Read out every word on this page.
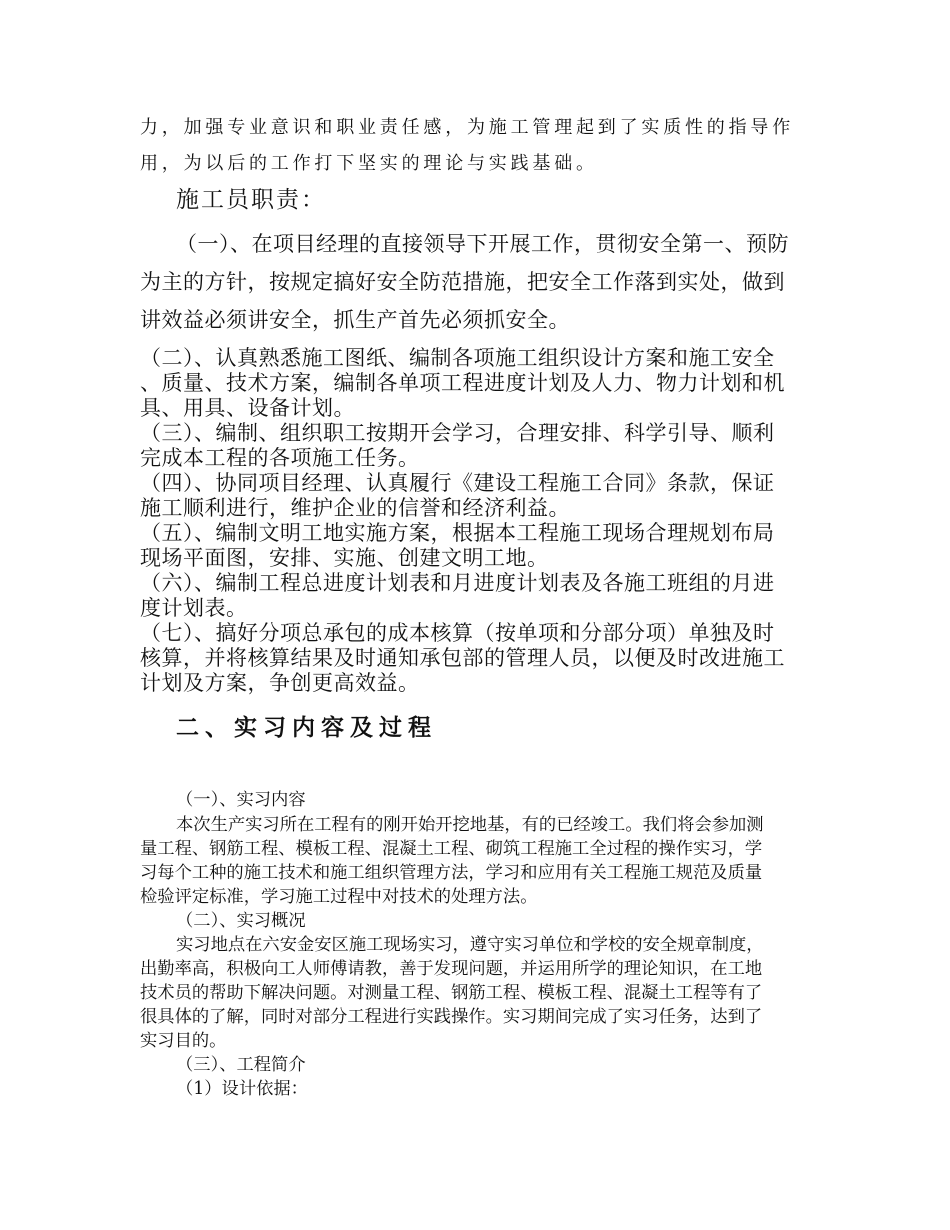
力，加强专业意识和职业责任感，为施工管理起到了实质性的指导作
用，为以后的工作打下坚实的理论与实践基础。
施工员职责：
（一）、在项目经理的直接领导下开展工作，贯彻安全第一、预防
为主的方针，按规定搞好安全防范措施，把安全工作落到实处，做到
讲效益必须讲安全，抓生产首先必须抓安全。
（二）、认真熟悉施工图纸、编制各项施工组织设计方案和施工安全
、质量、技术方案，编制各单项工程进度计划及人力、物力计划和机
具、用具、设备计划。
（三）、编制、组织职工按期开会学习，合理安排、科学引导、顺利
完成本工程的各项施工任务。
（四）、协同项目经理、认真履行《建设工程施工合同》条款，保证
施工顺利进行，维护企业的信誉和经济利益。
（五）、编制文明工地实施方案，根据本工程施工现场合理规划布局
现场平面图，安排、实施、创建文明工地。
（六）、编制工程总进度计划表和月进度计划表及各施工班组的月进
度计划表。
（七）、搞好分项总承包的成本核算（按单项和分部分项）单独及时
核算，并将核算结果及时通知承包部的管理人员，以便及时改进施工
计划及方案，争创更高效益。
二、实习内容及过程
（一）、实习内容
本次生产实习所在工程有的刚开始开挖地基，有的已经竣工。我们将会参加测
量工程、钢筋工程、模板工程、混凝土工程、砌筑工程施工全过程的操作实习，学
习每个工种的施工技术和施工组织管理方法，学习和应用有关工程施工规范及质量
检验评定标准，学习施工过程中对技术的处理方法。
（二）、实习概况
实习地点在六安金安区施工现场实习，遵守实习单位和学校的安全规章制度，
出勤率高，积极向工人师傅请教，善于发现问题，并运用所学的理论知识，在工地
技术员的帮助下解决问题。对测量工程、钢筋工程、模板工程、混凝土工程等有了
很具体的了解，同时对部分工程进行实践操作。实习期间完成了实习任务，达到了
实习目的。
（三）、工程简介
（1）设计依据：
